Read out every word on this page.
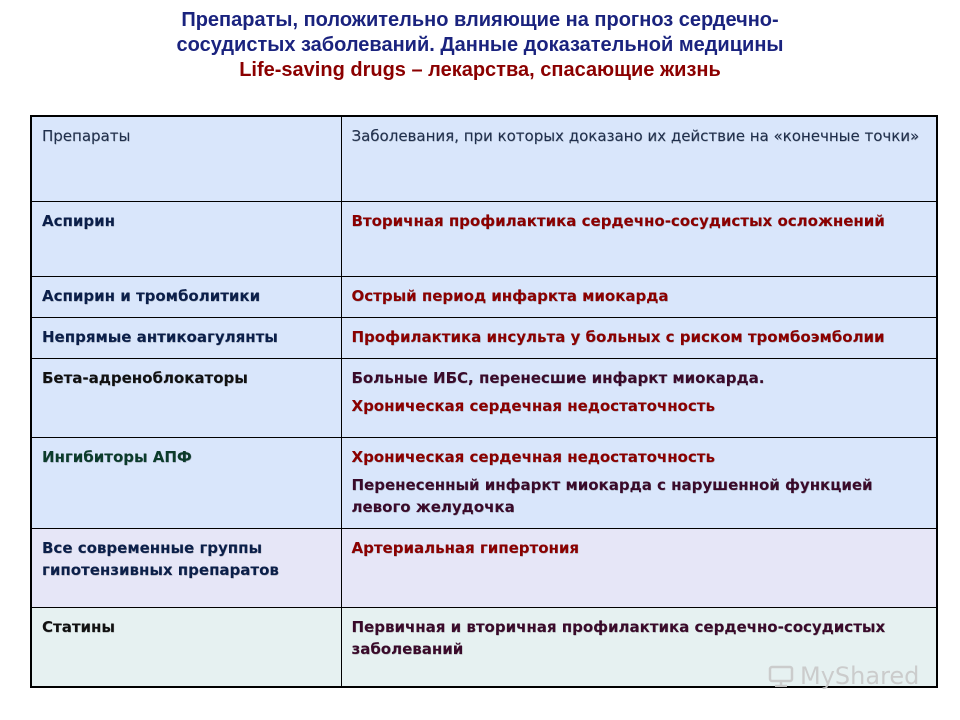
Препараты, положительно влияющие на прогноз сердечно-
сосудистых заболеваний. Данные доказательной медицины
Life-saving drugs – лекарства, спасающие жизнь
Препараты	Заболевания, при которых доказано их действие на «конечные точки»
Аспирин	Вторичная профилактика сердечно-сосудистых осложнений

Аспирин и тромболитики	Острый период инфаркта миокарда

Непрямые антикоагулянты	Профилактика инсульта у больных с риском тромбоэмболии

Бета-адреноблокаторы	Больные ИБС, перенесшие инфаркт миокарда.
Хроническая сердечная недостаточность

Ингибиторы АПФ	Хроническая сердечная недостаточность
Перенесенный инфаркт миокарда с нарушенной функцией левого желудочка

Все современные группы гипотензивных препаратов	Артериальная гипертония

Статины	Первичная и вторичная профилактика сердечно-сосудистых заболеваний
MyShared
